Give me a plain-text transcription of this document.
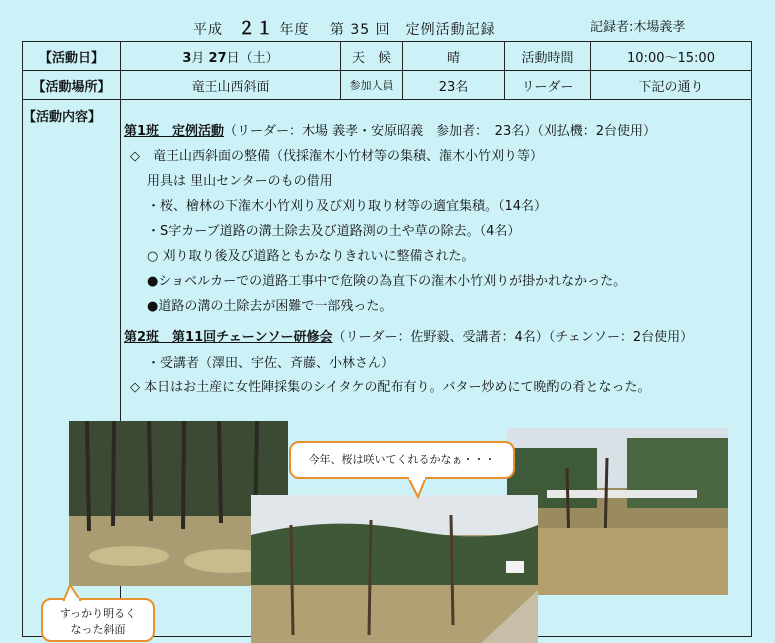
平成　 ２１ 年度　 第 35 回　定例活動記録	記録者:木場義孝
【活動日】	3月 27日（土）	天　候	晴	活動時間	10:00〜15:00
【活動場所】	竜王山西斜面	参加人員	23名	リーダー	下記の通り
【活動内容】					
第1班　定例活動（リーダー：木場 義孝・安原昭義　参加者：　23名）（刈払機：2台使用）
◇　竜王山西斜面の整備（伐採潅木小竹材等の集積、潅木小竹刈り等）
用具は 里山センターのもの借用
・桜、檜林の下潅木小竹刈り及び刈り取り材等の適宜集積。（14名）
・S字カーブ道路の溝土除去及び道路渕の土や草の除去。（4名）
○ 刈り取り後及び道路ともかなりきれいに整備された。
●ショベルカーでの道路工事中で危険の為直下の潅木小竹刈りが掛かれなかった。
●道路の溝の土除去が困難で一部残った。
第2班　第11回チェーンソー研修会（リーダー：佐野毅、受講者：4名）（チェンソー：2台使用）
・受講者（澤田、宇佐、斉藤、小林さん）
◇ 本日はお土産に女性陣採集のシイタケの配布有り。バター炒めにて晩酌の肴となった。
今年、桜は咲いてくれるかなぁ・・・
すっかり明るく
なった斜面
